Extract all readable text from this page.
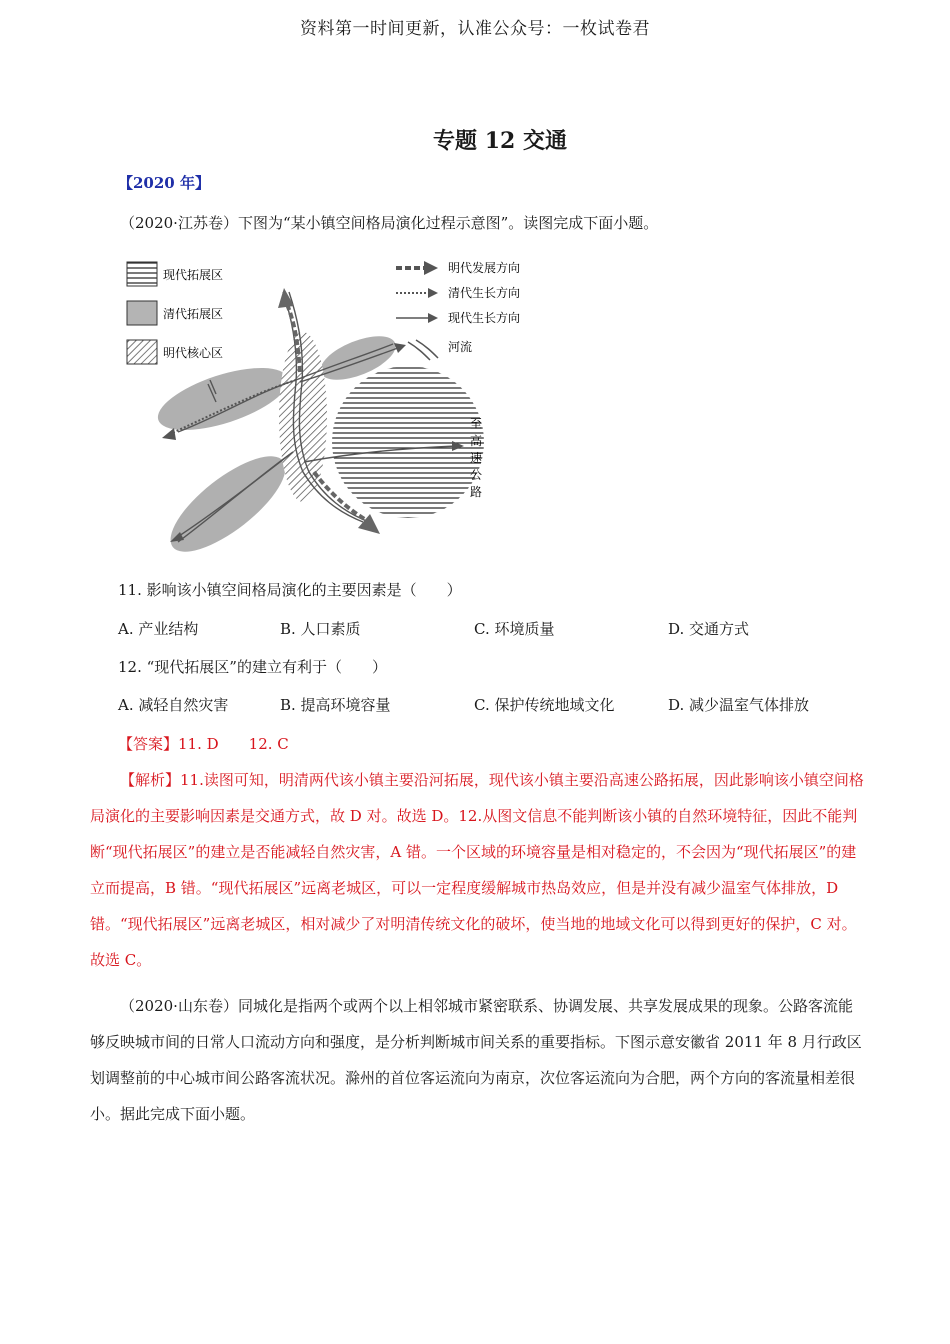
资料第一时间更新，认准公众号：一枚试卷君
专题 12 交通
【2020 年】
（2020·江苏卷）下图为“某小镇空间格局演化过程示意图”。读图完成下面小题。
现代拓展区
清代拓展区
明代核心区
明代发展方向
清代生长方向
现代生长方向
河流
至
高
速
公
路
11. 影响该小镇空间格局演化的主要因素是（　　）
A. 产业结构	B. 人口素质	C. 环境质量	D. 交通方式
12. “现代拓展区”的建立有利于（　　）
A. 减轻自然灾害	B. 提高环境容量	C. 保护传统地域文化	D. 减少温室气体排放
【答案】11. D　　12. C
【解析】11.读图可知，明清两代该小镇主要沿河拓展，现代该小镇主要沿高速公路拓展，因此影响该小镇空间格局演化的主要影响因素是交通方式，故 D 对。故选 D。12.从图文信息不能判断该小镇的自然环境特征，因此不能判断“现代拓展区”的建立是否能减轻自然灾害，A 错。一个区域的环境容量是相对稳定的，不会因为“现代拓展区”的建立而提高，B 错。“现代拓展区”远离老城区，可以一定程度缓解城市热岛效应，但是并没有减少温室气体排放，D 错。“现代拓展区”远离老城区，相对减少了对明清传统文化的破坏，使当地的地域文化可以得到更好的保护，C 对。故选 C。
（2020·山东卷）同城化是指两个或两个以上相邻城市紧密联系、协调发展、共享发展成果的现象。公路客流能够反映城市间的日常人口流动方向和强度，是分析判断城市间关系的重要指标。下图示意安徽省 2011 年 8 月行政区划调整前的中心城市间公路客流状况。滁州的首位客运流向为南京，次位客运流向为合肥，两个方向的客流量相差很小。据此完成下面小题。
